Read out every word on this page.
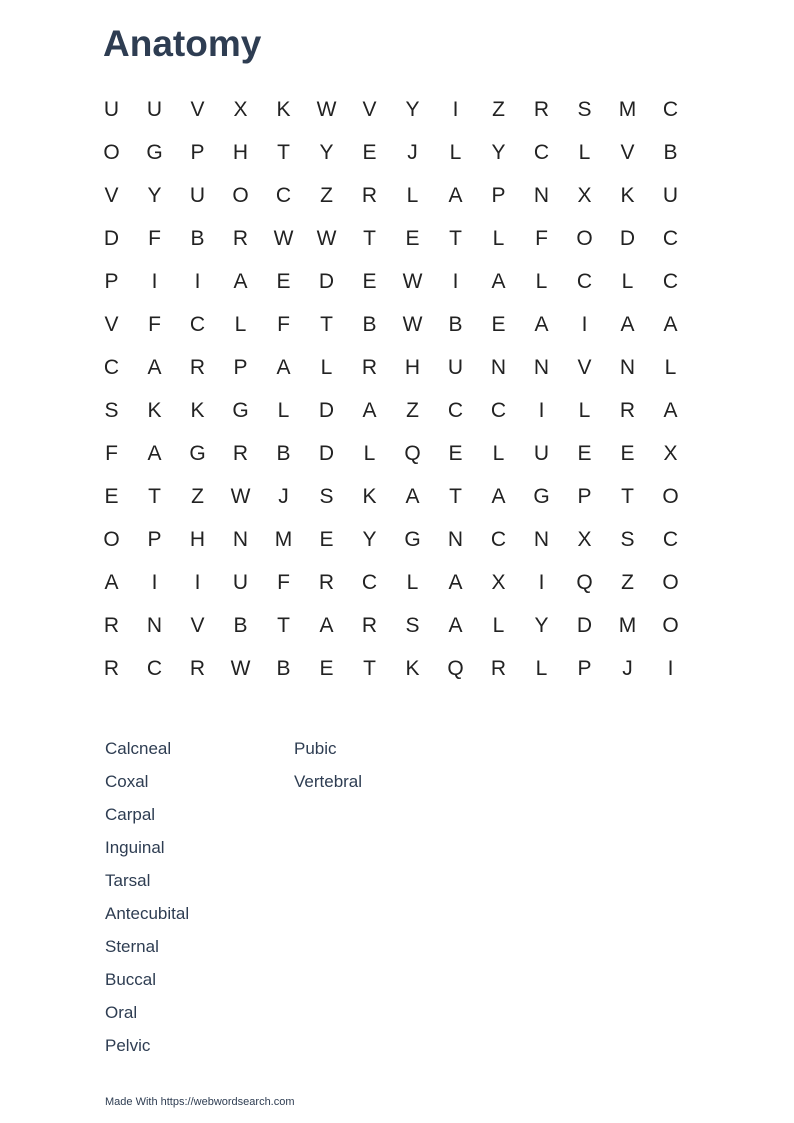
Anatomy
U	U	V	X	K	W	V	Y	I	Z	R	S	M	C
O	G	P	H	T	Y	E	J	L	Y	C	L	V	B
V	Y	U	O	C	Z	R	L	A	P	N	X	K	U
D	F	B	R	W	W	T	E	T	L	F	O	D	C
P	I	I	A	E	D	E	W	I	A	L	C	L	C
V	F	C	L	F	T	B	W	B	E	A	I	A	A
C	A	R	P	A	L	R	H	U	N	N	V	N	L
S	K	K	G	L	D	A	Z	C	C	I	L	R	A
F	A	G	R	B	D	L	Q	E	L	U	E	E	X
E	T	Z	W	J	S	K	A	T	A	G	P	T	O
O	P	H	N	M	E	Y	G	N	C	N	X	S	C
A	I	I	U	F	R	C	L	A	X	I	Q	Z	O
R	N	V	B	T	A	R	S	A	L	Y	D	M	O
R	C	R	W	B	E	T	K	Q	R	L	P	J	I
Calcneal
Coxal
Carpal
Inguinal
Tarsal
Antecubital
Sternal
Buccal
Oral
Pelvic
Pubic
Vertebral
Made With https://webwordsearch.com
